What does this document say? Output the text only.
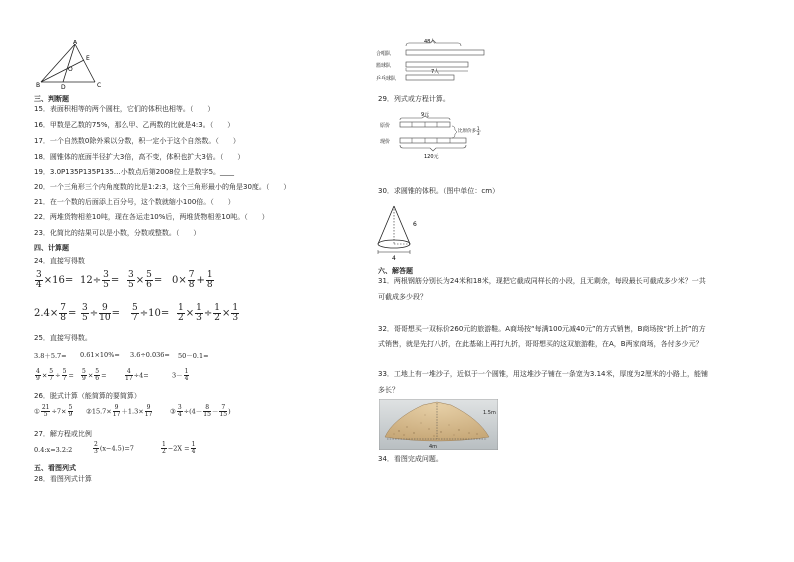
A
E
O
B	D	C
三、判断题
15．表面积相等的两个圆柱，它们的体积也相等。（　　）
16．甲数是乙数的75%，那么甲、乙两数的比就是4:3。（　　）
17．一个自然数0除外乘以分数，积一定小于这个自然数。（　　）
18．圆锥体的底面半径扩大3倍，高不变，体积也扩大3倍。（　　）
19．3.0P135P135P135…小数点后第2008位上是数字5。____
20．一个三角形三个内角度数的比是1:2:3，这个三角形最小的角是30度。（　　）
21．在一个数的后面添上百分号，这个数就缩小100倍。（　　）
22．两堆货物相差10吨，现在各运走10%后，两堆货物相差10吨。（　　）
23．化简比的结果可以是小数，分数或整数。（　　）
四、计算题
24．直接写得数
$\frac{3}{4} \times 16= 12\div \frac{3}{5} = \frac{3}{5} \times \frac{5}{6} = 0\times \frac{7}{8} + \frac{1}{8}$
$2.4\times \frac{7}{8} = \frac{3}{5} \div \frac{9}{10} = \frac{5}{7} \div 10= \frac{1}{2} \times \frac{1}{3} \div \frac{1}{2} \times \frac{1}{3}$
25．直接写得数。
3.8＋5.7= 0.61×10%= 3.6÷0.036= 50－0.1=
$\frac{4}{9} \times \frac{5}{7} \div \frac{5}{7} = \frac{5}{9} \times \frac{5}{6}$ =	$\frac{4}{17} \div 4=$	$3- \frac{1}{4}$
26．脱式计算（能简算的要简算）
① $\frac{21}{5} \div 7\times \frac{5}{9}$ ②15.7× $\frac{9}{17} +1.3\times \frac{9}{17}$	③ $\frac{3}{4} \div(4- \frac{8}{15} - \frac{7}{15}$ )
27．解方程或比例
0.4:x=3.2:2	$\frac{2}{3} (x-4.5)=7$	$\frac{1}{2} -2X = \frac{1}{4}$
五、看图列式
28．看图列式计算
48人
合唱队
篮球队
7人
乒乓球队
29．列式或方程计算。
9元
原价
现价
比原价多
1
3
120元
30．求圆锥的体积。（图中单位：cm）
6
4
六、解答题
31．两根钢筋分别长为24米和18米，现把它截成同样长的小段，且无剩余，每段最长可截成多少米？一共
可截成多少段？
32．哥哥想买一双标价260元的旅游鞋。A商场按“每满100元减40元”的方式销售，B商场按“折上折”的方
式销售，就是先打八折，在此基础上再打九折，哥哥想买的这双旅游鞋，在A，B两家商场，各付多少元？
33．工地上有一堆沙子，近似于一个圆锥，用这堆沙子铺在一条宽为3.14米，厚度为2厘米的小路上，能铺
多长？
1.5m
4m
34．看图完成问题。
